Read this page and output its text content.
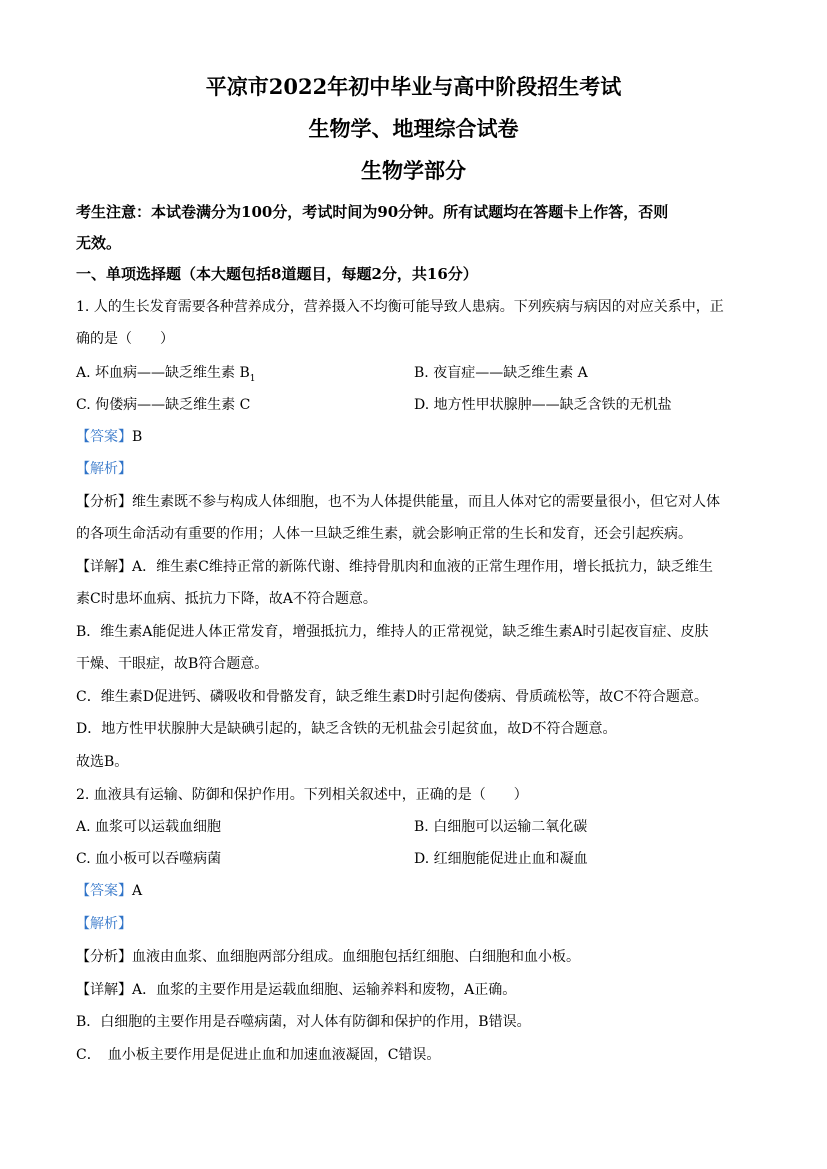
平凉市2022年初中毕业与高中阶段招生考试
生物学、地理综合试卷
生物学部分
考生注意：本试卷满分为100分，考试时间为90分钟。所有试题均在答题卡上作答，否则
无效。
一、单项选择题（本大题包括8道题目，每题2分，共16分）
1. 人的生长发育需要各种营养成分，营养摄入不均衡可能导致人患病。下列疾病与病因的对应关系中，正
确的是（　　）
A. 坏血病——缺乏维生素 $B_1$	B. 夜盲症——缺乏维生素 A
C. 佝偻病——缺乏维生素 C	D. 地方性甲状腺肿——缺乏含铁的无机盐
【答案】B
【解析】
【分析】维生素既不参与构成人体细胞，也不为人体提供能量，而且人体对它的需要量很小，但它对人体
的各项生命活动有重要的作用；人体一旦缺乏维生素，就会影响正常的生长和发育，还会引起疾病。
【详解】A．维生素C维持正常的新陈代谢、维持骨肌肉和血液的正常生理作用，增长抵抗力，缺乏维生
素C时患坏血病、抵抗力下降，故A不符合题意。
B．维生素A能促进人体正常发育，增强抵抗力，维持人的正常视觉，缺乏维生素A时引起夜盲症、皮肤
干燥、干眼症，故B符合题意。
C．维生素D促进钙、磷吸收和骨骼发育，缺乏维生素D时引起佝偻病、骨质疏松等，故C不符合题意。
D．地方性甲状腺肿大是缺碘引起的，缺乏含铁的无机盐会引起贫血，故D不符合题意。
故选B。
2. 血液具有运输、防御和保护作用。下列相关叙述中，正确的是（　　）
A. 血浆可以运载血细胞	B. 白细胞可以运输二氧化碳
C. 血小板可以吞噬病菌	D. 红细胞能促进止血和凝血
【答案】A
【解析】
【分析】血液由血浆、血细胞两部分组成。血细胞包括红细胞、白细胞和血小板。
【详解】A．血浆的主要作用是运载血细胞、运输养料和废物，A正确。
B．白细胞的主要作用是吞噬病菌，对人体有防御和保护的作用，B错误。
C．　血小板主要作用是促进止血和加速血液凝固，C错误。
